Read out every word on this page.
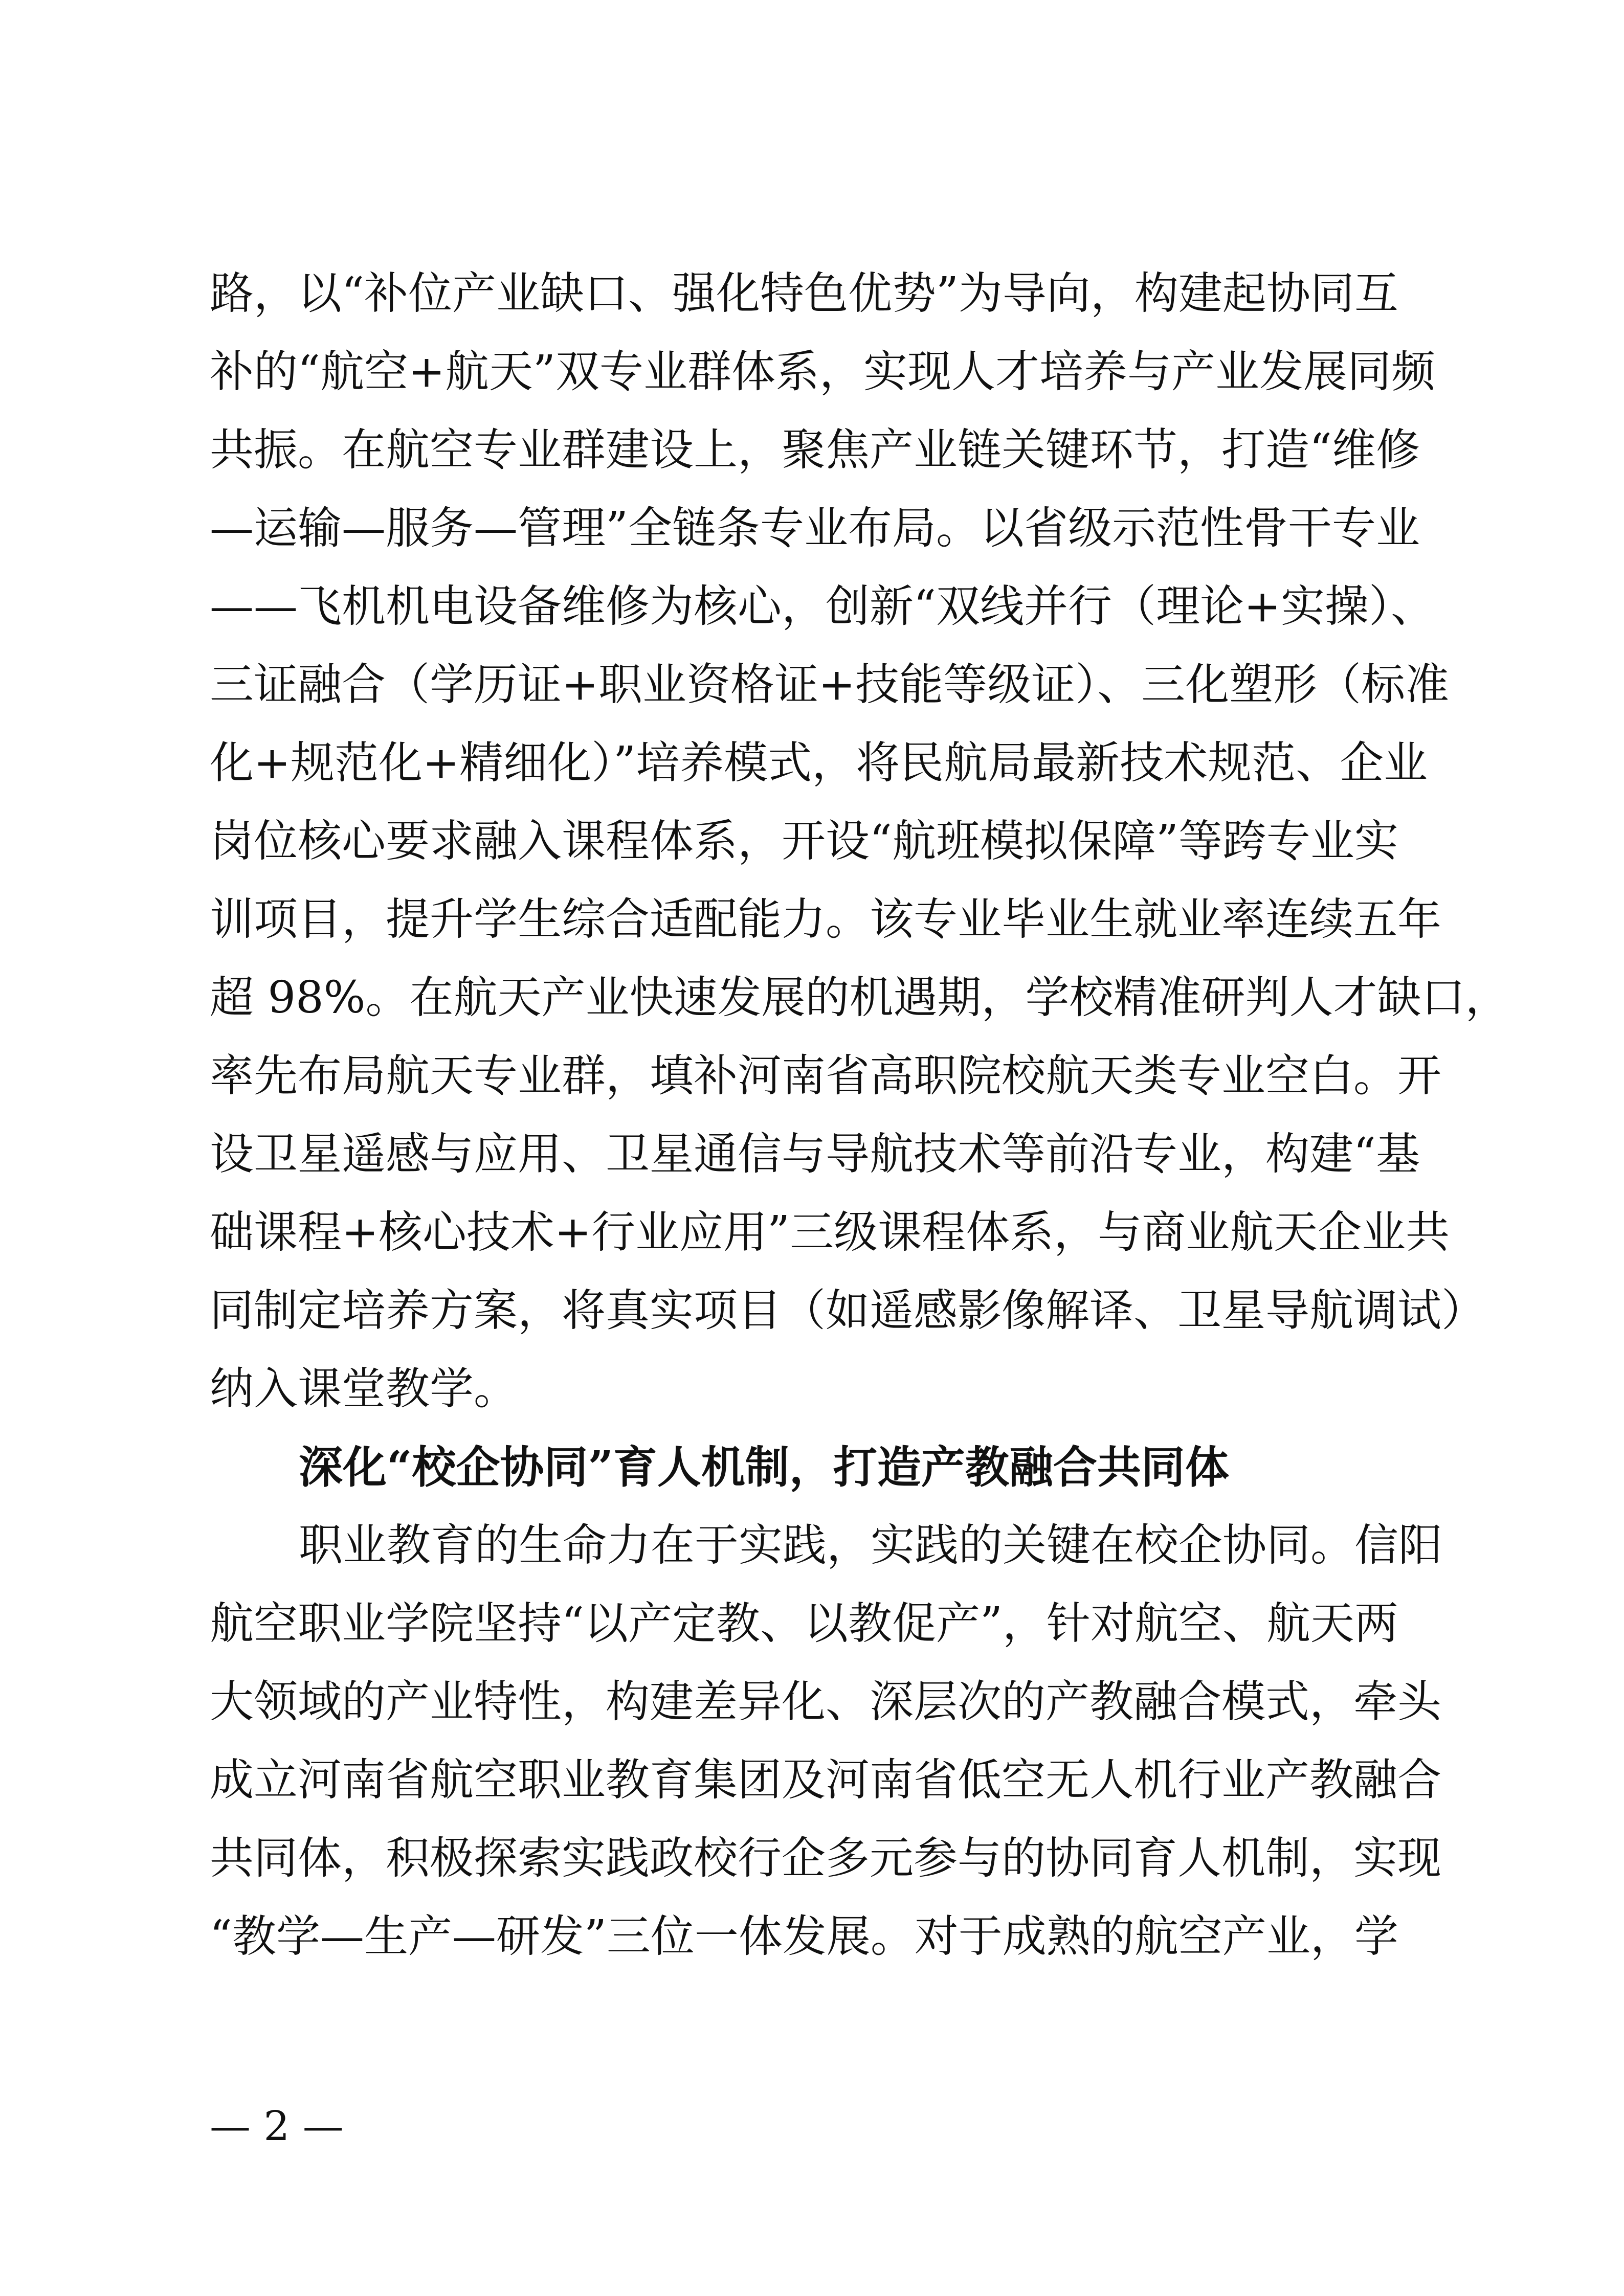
路，以“补位产业缺口、强化特色优势”为导向，构建起协同互
补的“航空+航天”双专业群体系，实现人才培养与产业发展同频
共振。在航空专业群建设上，聚焦产业链关键环节，打造“维修
—运输—服务—管理”全链条专业布局。以省级示范性骨干专业
——飞机机电设备维修为核心，创新“双线并行（理论+实操）、
三证融合（学历证+职业资格证+技能等级证）、三化塑形（标准
化+规范化+精细化）”培养模式，将民航局最新技术规范、企业
岗位核心要求融入课程体系，开设“航班模拟保障”等跨专业实
训项目，提升学生综合适配能力。该专业毕业生就业率连续五年
超 98%。在航天产业快速发展的机遇期，学校精准研判人才缺口，
率先布局航天专业群，填补河南省高职院校航天类专业空白。开
设卫星遥感与应用、卫星通信与导航技术等前沿专业，构建“基
础课程+核心技术+行业应用”三级课程体系，与商业航天企业共
同制定培养方案，将真实项目（如遥感影像解译、卫星导航调试）
纳入课堂教学。
深化“校企协同”育人机制，打造产教融合共同体
职业教育的生命力在于实践，实践的关键在校企协同。信阳
航空职业学院坚持“以产定教、以教促产”，针对航空、航天两
大领域的产业特性，构建差异化、深层次的产教融合模式，牵头
成立河南省航空职业教育集团及河南省低空无人机行业产教融合
共同体，积极探索实践政校行企多元参与的协同育人机制，实现
“教学—生产—研发”三位一体发展。对于成熟的航空产业，学
— 2 —
